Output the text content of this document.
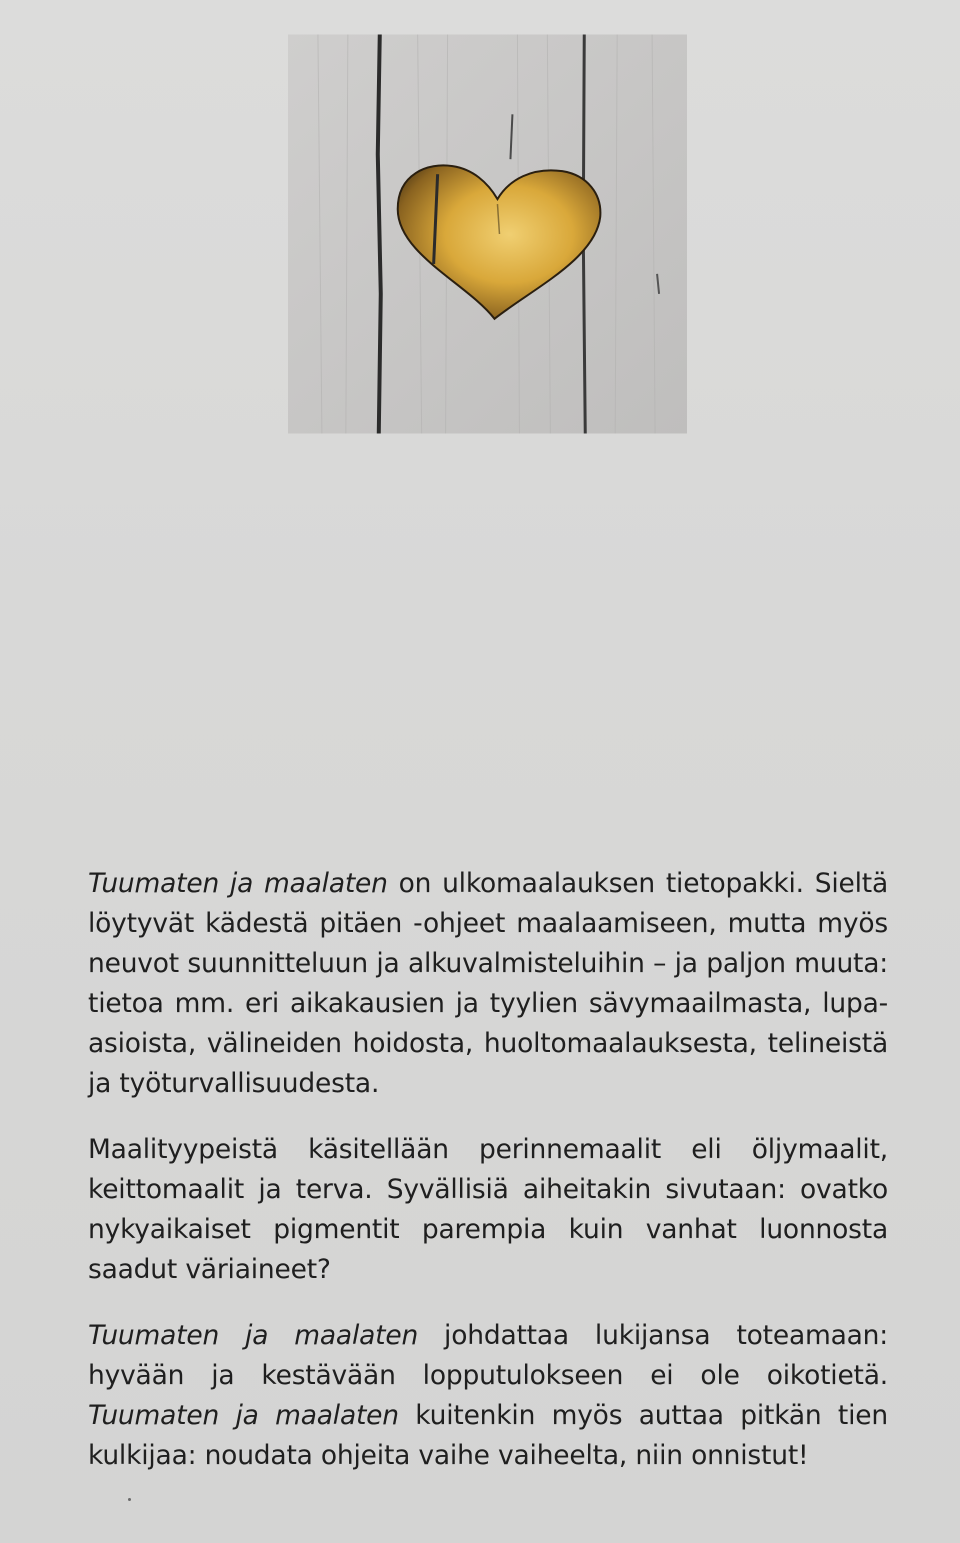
Tuumaten ja maalaten on ulkomaalauksen tietopakki. Sieltä löytyvät kädestä pitäen -ohjeet maalaamiseen, mutta myös neuvot suunnitteluun ja alkuvalmisteluihin – ja paljon muuta: tietoa mm. eri aikakausien ja tyylien sävymaailmasta, lupa-asioista, välineiden hoidosta, huoltomaalauksesta, telineistä ja työturvallisuudesta.

Maalityypeistä käsitellään perinnemaalit eli öljymaalit, keittomaalit ja terva. Syvällisiä aiheitakin sivutaan: ovatko nykyaikaiset pigmentit parempia kuin vanhat luonnosta saadut väriaineet?

Tuumaten ja maalaten johdattaa lukijansa toteamaan: hyvään ja kestävään lopputulokseen ei ole oikotietä. Tuumaten ja maalaten kuitenkin myös auttaa pitkän tien kulkijaa: noudata ohjeita vaihe vaiheelta, niin onnistut!
